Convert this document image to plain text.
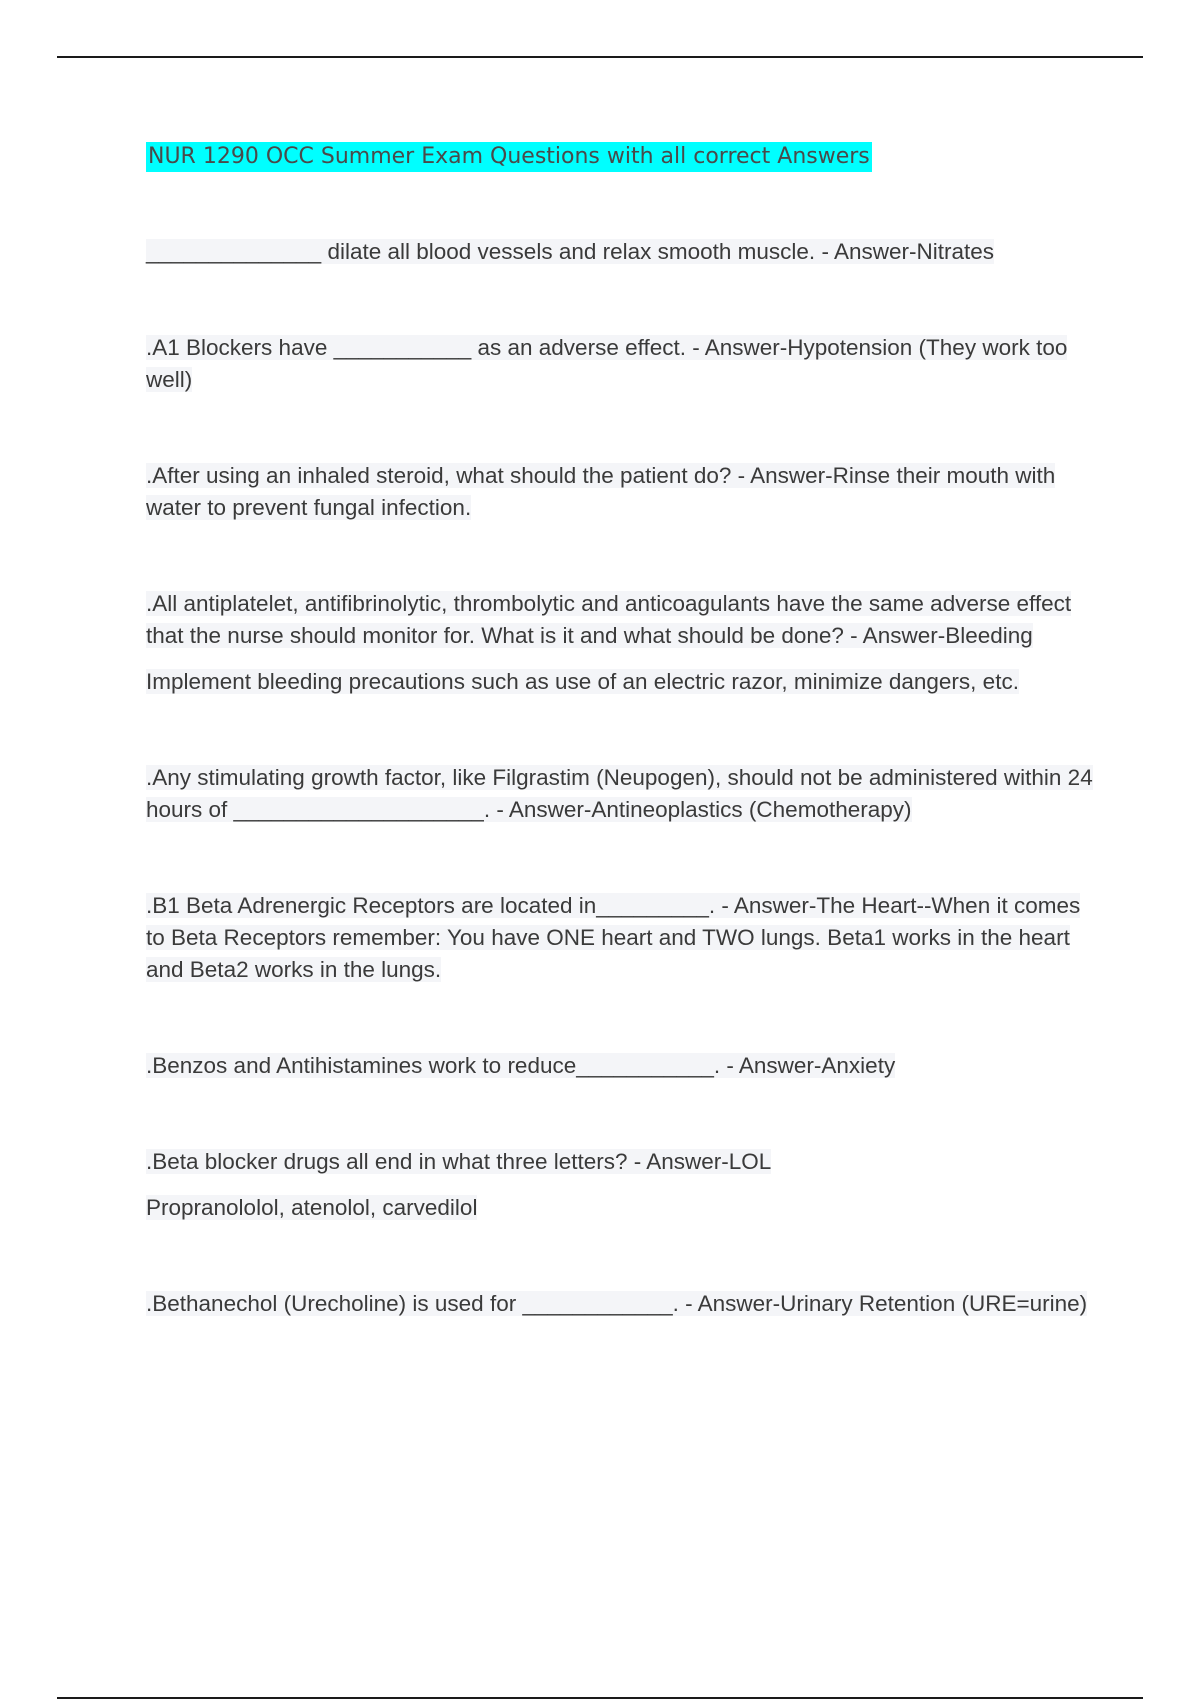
NUR 1290 OCC Summer Exam Questions with all correct Answers

______________ dilate all blood vessels and relax smooth muscle. - Answer-Nitrates

.A1 Blockers have ___________ as an adverse effect. - Answer-Hypotension (They work too well)

.After using an inhaled steroid, what should the patient do? - Answer-Rinse their mouth with water to prevent fungal infection.

.All antiplatelet, antifibrinolytic, thrombolytic and anticoagulants have the same adverse effect that the nurse should monitor for. What is it and what should be done? - Answer-Bleeding

Implement bleeding precautions such as use of an electric razor, minimize dangers, etc.

.Any stimulating growth factor, like Filgrastim (Neupogen), should not be administered within 24 hours of ____________________. - Answer-Antineoplastics (Chemotherapy)

.B1 Beta Adrenergic Receptors are located in_________. - Answer-The Heart--When it comes to Beta Receptors remember: You have ONE heart and TWO lungs. Beta1 works in the heart and Beta2 works in the lungs.

.Benzos and Antihistamines work to reduce___________. - Answer-Anxiety

.Beta blocker drugs all end in what three letters? - Answer-LOL

Propranololol, atenolol, carvedilol

.Bethanechol (Urecholine) is used for ____________. - Answer-Urinary Retention (URE=urine)
